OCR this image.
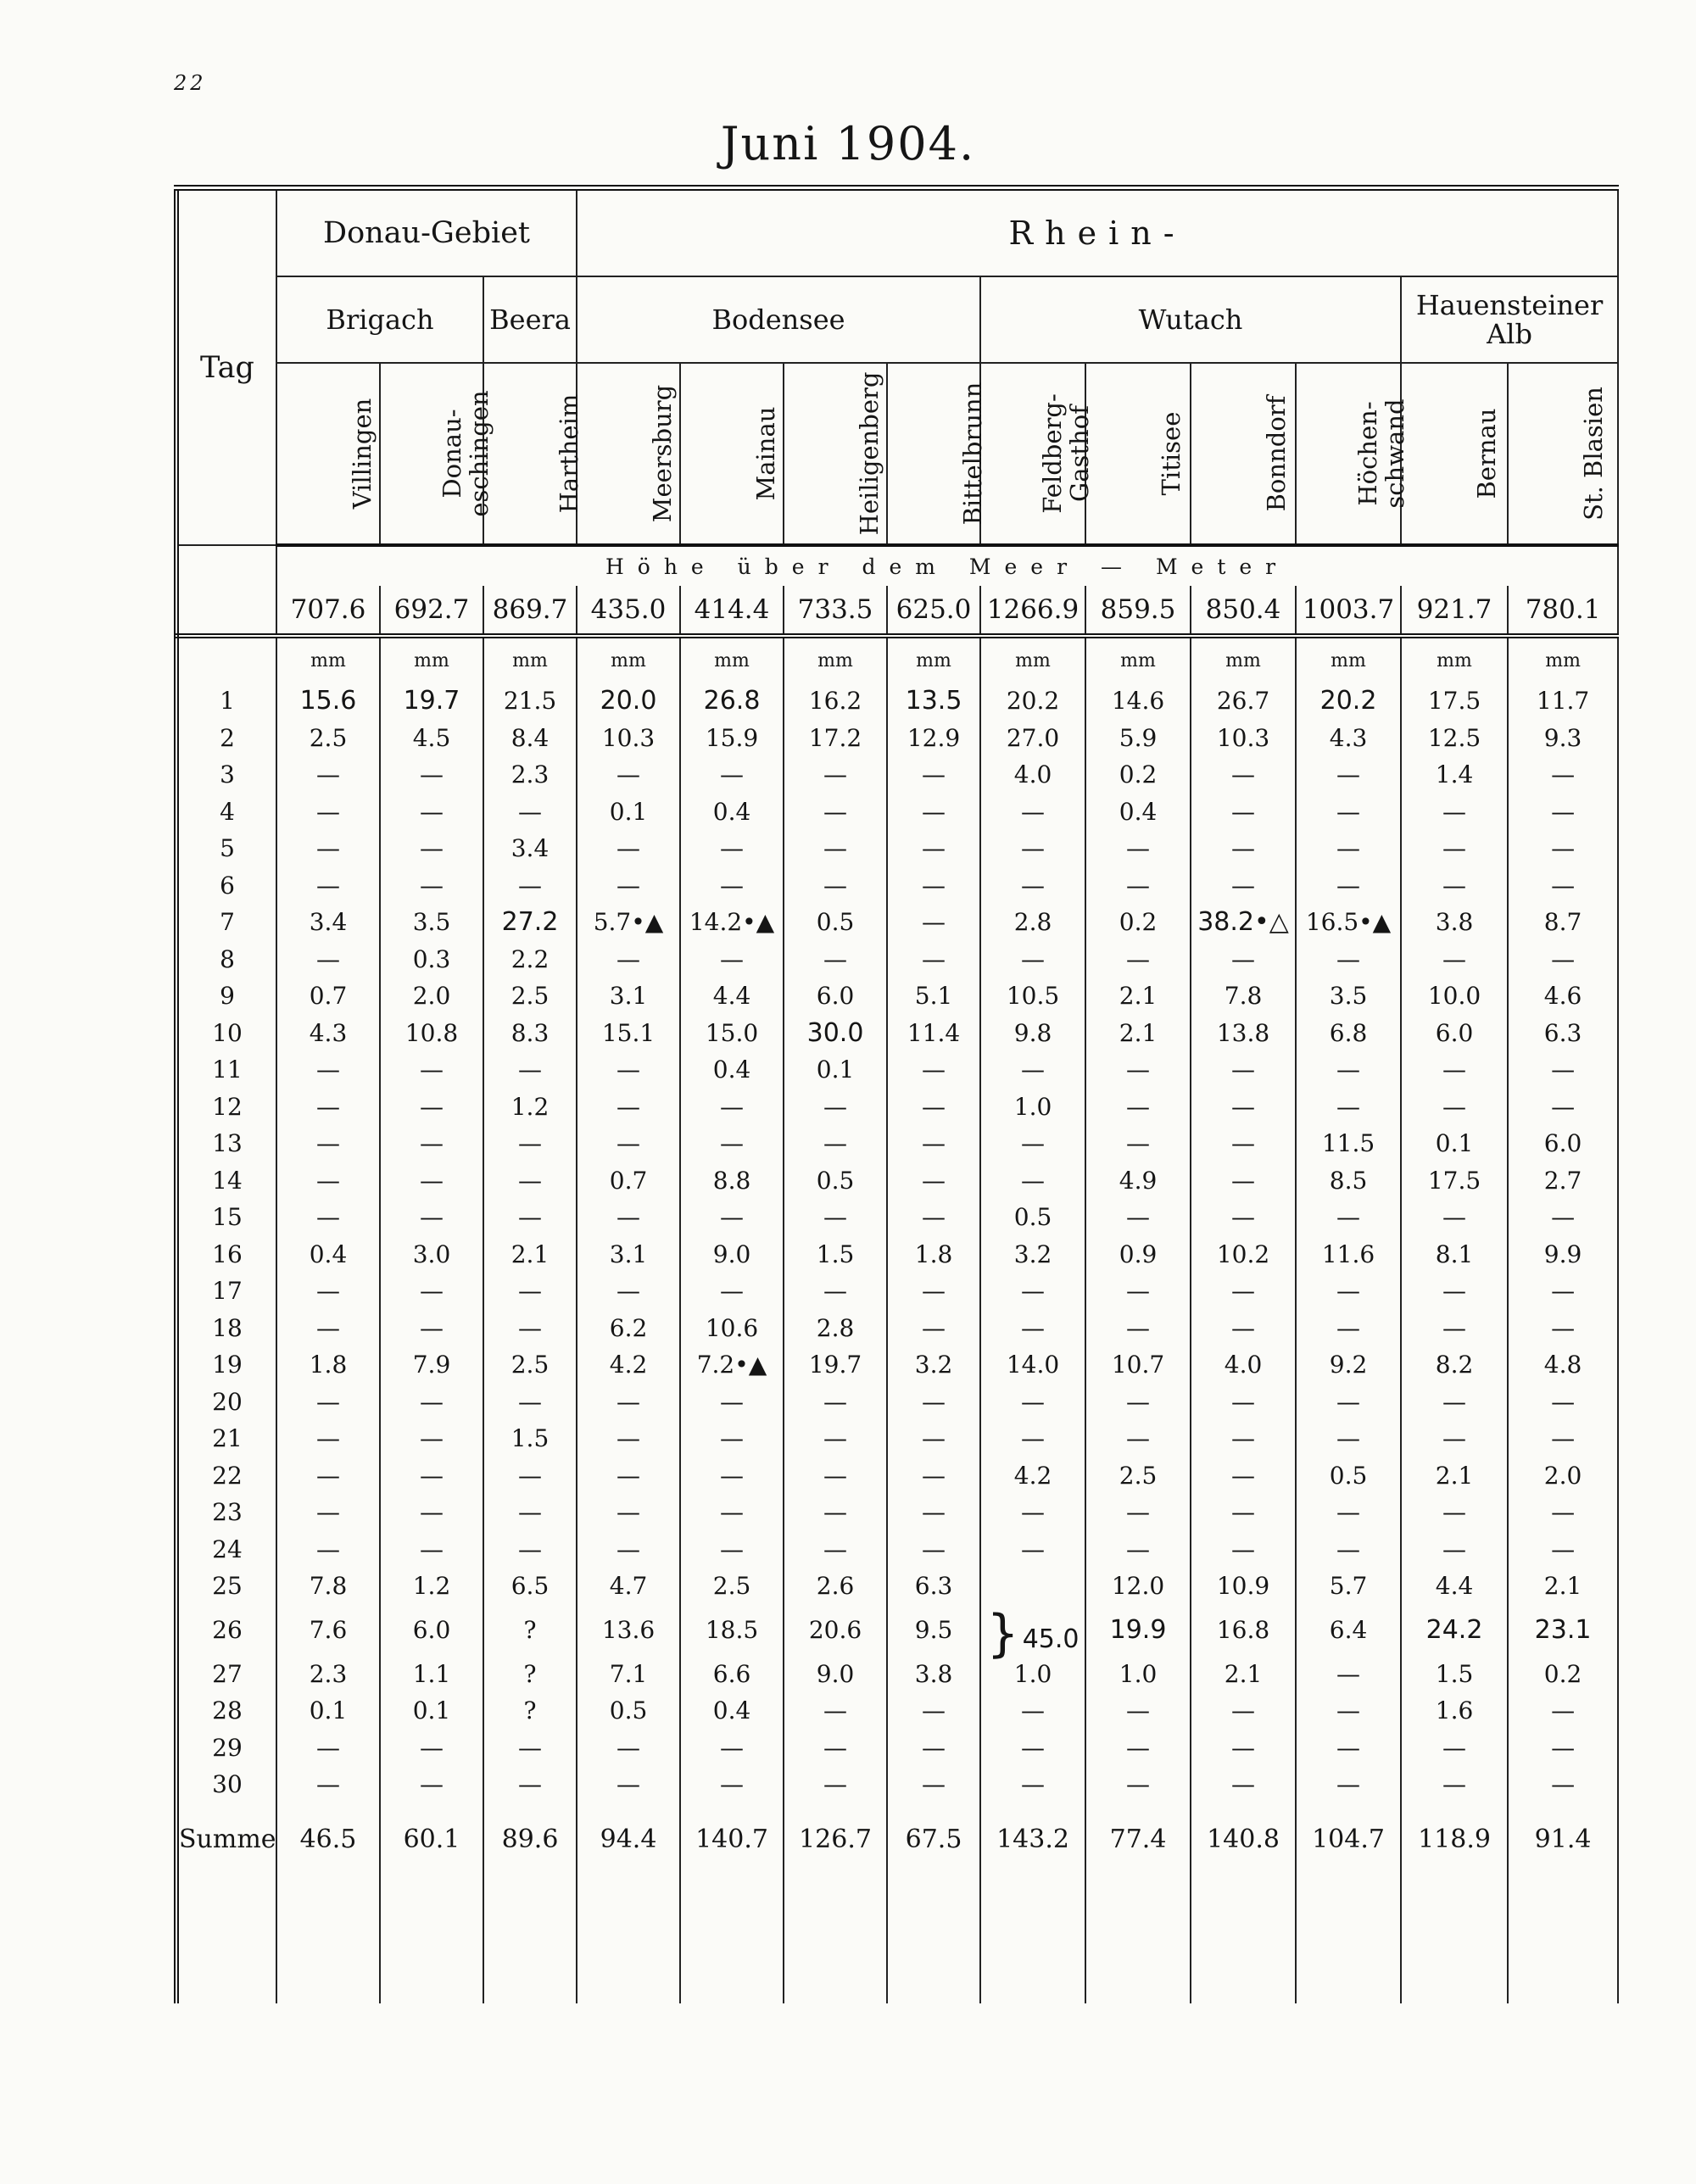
22
Juni 1904.
Tag	Donau-Gebiet			Rhein-									
	Brigach		Beera	Bodensee				Wutach				Hauensteiner Alb	
	Villingen	Donau-
eschingen	Hartheim	Meersburg	Mainau	Heiligenberg	Bittelbrunn	Feldberg-
Gasthof	Titisee	Bonndorf	Höchen-
schwand	Bernau	St. Blasien
	Höhe über dem Meer — Meter												
	707.6	692.7	869.7	435.0	414.4	733.5	625.0	1266.9	859.5	850.4	1003.7	921.7	780.1
	mm	mm	mm	mm	mm	mm	mm	mm	mm	mm	mm	mm	mm
1	15.6	19.7	21.5	20.0	26.8	16.2	13.5	20.2	14.6	26.7	20.2	17.5	11.7
2	2.5	4.5	8.4	10.3	15.9	17.2	12.9	27.0	5.9	10.3	4.3	12.5	9.3
3	—	—	2.3	—	—	—	—	4.0	0.2	—	—	1.4	—
4	—	—	—	0.1	0.4	—	—	—	0.4	—	—	—	—
5	—	—	3.4	—	—	—	—	—	—	—	—	—	—
6	—	—	—	—	—	—	—	—	—	—	—	—	—
7	3.4	3.5	27.2	5.7•▲	14.2•▲	0.5	—	2.8	0.2	38.2•△	16.5•▲	3.8	8.7
8	—	0.3	2.2	—	—	—	—	—	—	—	—	—	—
9	0.7	2.0	2.5	3.1	4.4	6.0	5.1	10.5	2.1	7.8	3.5	10.0	4.6
10	4.3	10.8	8.3	15.1	15.0	30.0	11.4	9.8	2.1	13.8	6.8	6.0	6.3
11	—	—	—	—	0.4	0.1	—	—	—	—	—	—	—
12	—	—	1.2	—	—	—	—	1.0	—	—	—	—	—
13	—	—	—	—	—	—	—	—	—	—	11.5	0.1	6.0
14	—	—	—	0.7	8.8	0.5	—	—	4.9	—	8.5	17.5	2.7
15	—	—	—	—	—	—	—	0.5	—	—	—	—	—
16	0.4	3.0	2.1	3.1	9.0	1.5	1.8	3.2	0.9	10.2	11.6	8.1	9.9
17	—	—	—	—	—	—	—	—	—	—	—	—	—
18	—	—	—	6.2	10.6	2.8	—	—	—	—	—	—	—
19	1.8	7.9	2.5	4.2	7.2•▲	19.7	3.2	14.0	10.7	4.0	9.2	8.2	4.8
20	—	—	—	—	—	—	—	—	—	—	—	—	—
21	—	—	1.5	—	—	—	—	—	—	—	—	—	—
22	—	—	—	—	—	—	—	4.2	2.5	—	0.5	2.1	2.0
23	—	—	—	—	—	—	—	—	—	—	—	—	—
24	—	—	—	—	—	—	—	—	—	—	—	—	—
25	7.8	1.2	6.5	4.7	2.5	2.6	6.3		12.0	10.9	5.7	4.4	2.1
26	7.6	6.0	?	13.6	18.5	20.6	9.5	} 45.0	19.9	16.8	6.4	24.2	23.1
27	2.3	1.1	?	7.1	6.6	9.0	3.8	1.0	1.0	2.1	—	1.5	0.2
28	0.1	0.1	?	0.5	0.4	—	—	—	—	—	—	1.6	—
29	—	—	—	—	—	—	—	—	—	—	—	—	—
30	—	—	—	—	—	—	—	—	—	—	—	—	—
Summe	46.5	60.1	89.6	94.4	140.7	126.7	67.5	143.2	77.4	140.8	104.7	118.9	91.4
